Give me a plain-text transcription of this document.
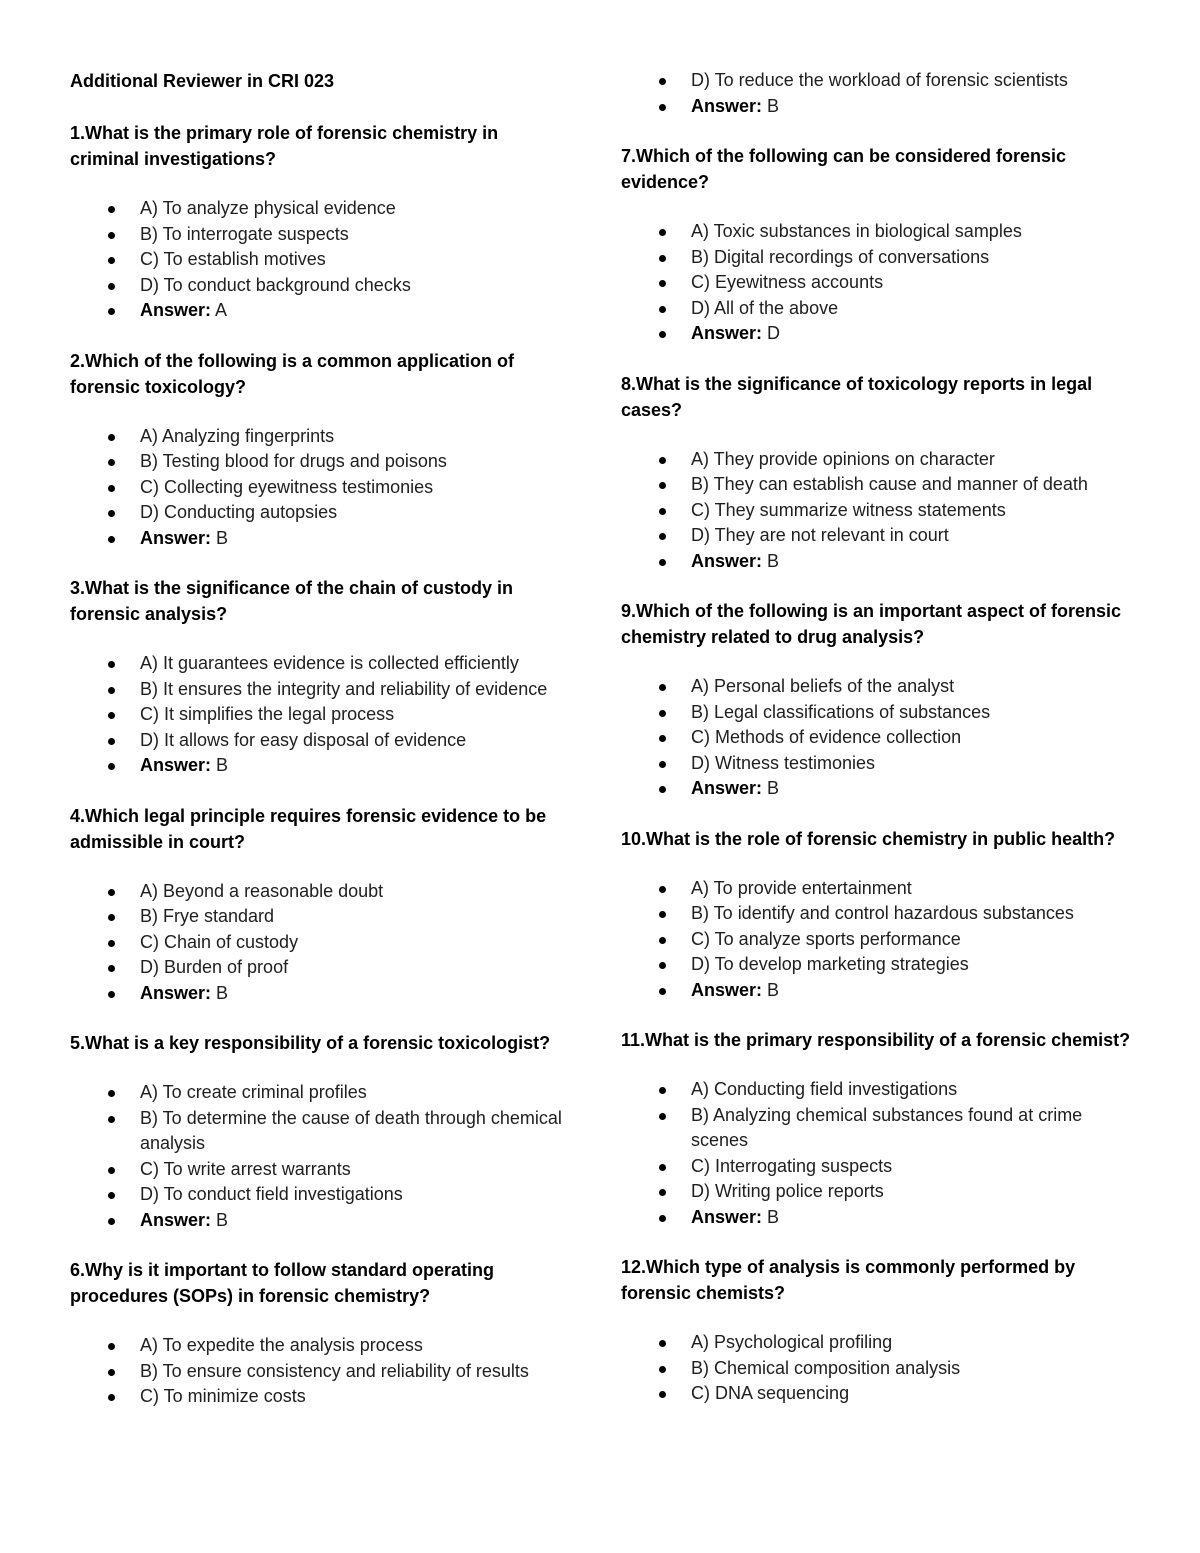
Additional Reviewer in CRI 023
1.What is the primary role of forensic chemistry in criminal investigations?
A) To analyze physical evidence
B) To interrogate suspects
C) To establish motives
D) To conduct background checks
Answer: A
2.Which of the following is a common application of forensic toxicology?
A) Analyzing fingerprints
B) Testing blood for drugs and poisons
C) Collecting eyewitness testimonies
D) Conducting autopsies
Answer: B
3.What is the significance of the chain of custody in forensic analysis?
A) It guarantees evidence is collected efficiently
B) It ensures the integrity and reliability of evidence
C) It simplifies the legal process
D) It allows for easy disposal of evidence
Answer: B
4.Which legal principle requires forensic evidence to be admissible in court?
A) Beyond a reasonable doubt
B) Frye standard
C) Chain of custody
D) Burden of proof
Answer: B
5.What is a key responsibility of a forensic toxicologist?
A) To create criminal profiles
B) To determine the cause of death through chemical analysis
C) To write arrest warrants
D) To conduct field investigations
Answer: B
6.Why is it important to follow standard operating procedures (SOPs) in forensic chemistry?
A) To expedite the analysis process
B) To ensure consistency and reliability of results
C) To minimize costs
D) To reduce the workload of forensic scientists
Answer: B
7.Which of the following can be considered forensic evidence?
A) Toxic substances in biological samples
B) Digital recordings of conversations
C) Eyewitness accounts
D) All of the above
Answer: D
8.What is the significance of toxicology reports in legal cases?
A) They provide opinions on character
B) They can establish cause and manner of death
C) They summarize witness statements
D) They are not relevant in court
Answer: B
9.Which of the following is an important aspect of forensic chemistry related to drug analysis?
A) Personal beliefs of the analyst
B) Legal classifications of substances
C) Methods of evidence collection
D) Witness testimonies
Answer: B
10.What is the role of forensic chemistry in public health?
A) To provide entertainment
B) To identify and control hazardous substances
C) To analyze sports performance
D) To develop marketing strategies
Answer: B
11.What is the primary responsibility of a forensic chemist?
A) Conducting field investigations
B) Analyzing chemical substances found at crime scenes
C) Interrogating suspects
D) Writing police reports
Answer: B
12.Which type of analysis is commonly performed by forensic chemists?
A) Psychological profiling
B) Chemical composition analysis
C) DNA sequencing
